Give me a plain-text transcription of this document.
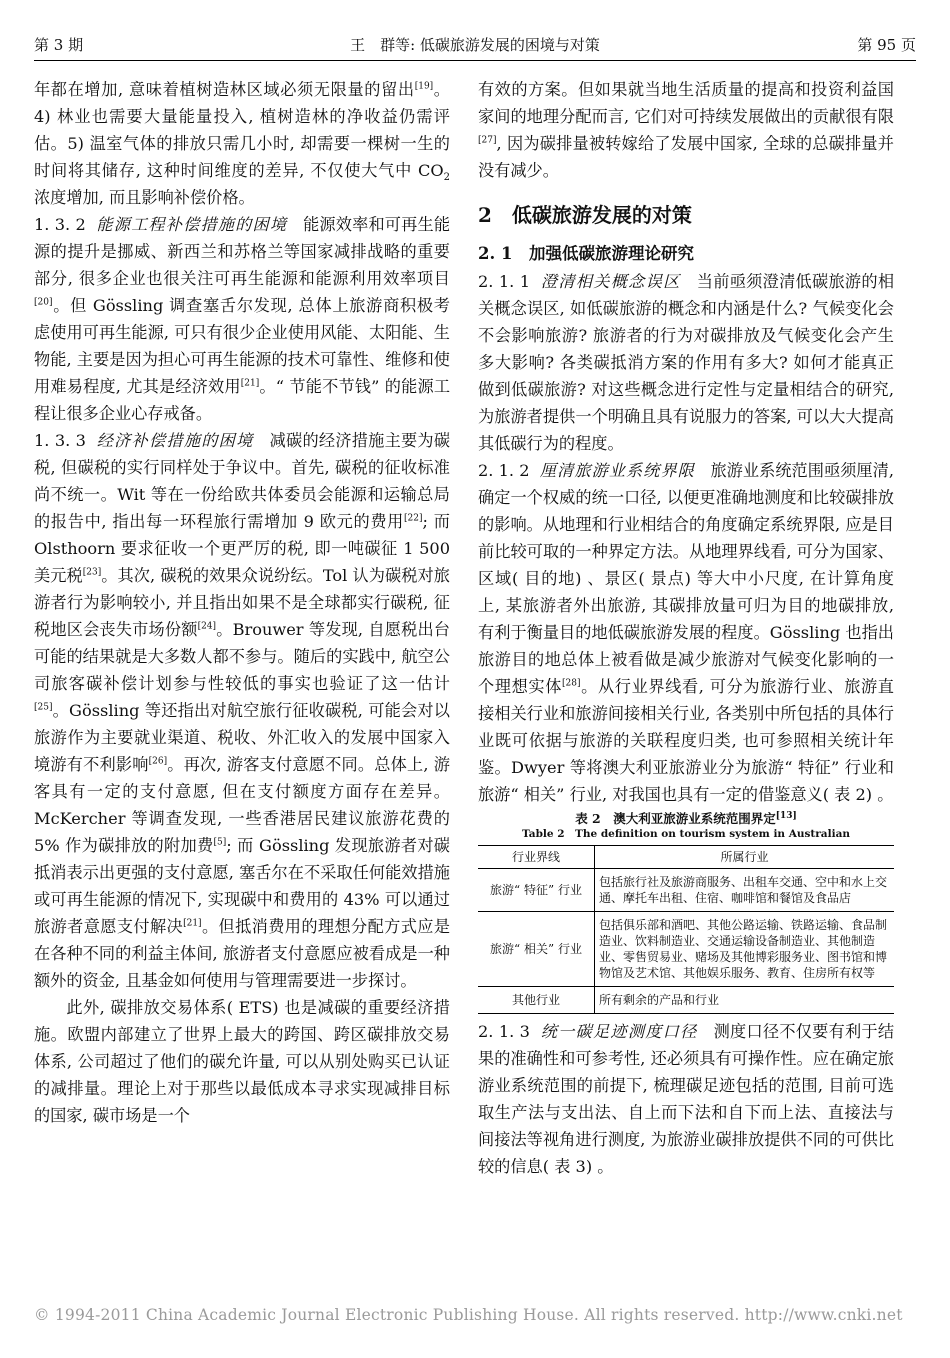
第 3 期	王　群等: 低碳旅游发展的困境与对策	第 95 页

年都在增加, 意味着植树造林区域必须无限量的留出[19]。4) 林业也需要大量能量投入, 植树造林的净收益仍需评估。5) 温室气体的排放只需几小时, 却需要一棵树一生的时间将其储存, 这种时间维度的差异, 不仅使大气中 $CO_2$ 浓度增加, 而且影响补偿价格。

1. 3. 2 能源工程补偿措施的困境 能源效率和可再生能源的提升是挪威、新西兰和苏格兰等国家减排战略的重要部分, 很多企业也很关注可再生能源和能源利用效率项目[20]。但 Gössling 调查塞舌尔发现, 总体上旅游商积极考虑使用可再生能源, 可只有很少企业使用风能、太阳能、生物能, 主要是因为担心可再生能源的技术可靠性、维修和使用难易程度, 尤其是经济效用[21]。“ 节能不节钱” 的能源工程让很多企业心存戒备。

1. 3. 3 经济补偿措施的困境 减碳的经济措施主要为碳税, 但碳税的实行同样处于争议中。首先, 碳税的征收标准尚不统一。Wit 等在一份给欧共体委员会能源和运输总局的报告中, 指出每一环程旅行需增加 9 欧元的费用[22]; 而 Olsthoorn 要求征收一个更严厉的税, 即一吨碳征 1 500 美元税[23]。其次, 碳税的效果众说纷纭。Tol 认为碳税对旅游者行为影响较小, 并且指出如果不是全球都实行碳税, 征税地区会丧失市场份额[24]。Brouwer 等发现, 自愿税出台可能的结果就是大多数人都不参与。随后的实践中, 航空公司旅客碳补偿计划参与性较低的事实也验证了这一估计[25]。Gössling 等还指出对航空旅行征收碳税, 可能会对以旅游作为主要就业渠道、税收、外汇收入的发展中国家入境游有不利影响[26]。再次, 游客支付意愿不同。总体上, 游客具有一定的支付意愿, 但在支付额度方面存在差异。McKercher 等调查发现, 一些香港居民建议旅游花费的 5% 作为碳排放的附加费[5]; 而 Gössling 发现旅游者对碳抵消表示出更强的支付意愿, 塞舌尔在不采取任何能效措施或可再生能源的情况下, 实现碳中和费用的 43% 可以通过旅游者意愿支付解决[21]。但抵消费用的理想分配方式应是在各种不同的利益主体间, 旅游者支付意愿应被看成是一种额外的资金, 且基金如何使用与管理需要进一步探讨。

此外, 碳排放交易体系( ETS) 也是减碳的重要经济措施。欧盟内部建立了世界上最大的跨国、跨区碳排放交易体系, 公司超过了他们的碳允许量, 可以从别处购买已认证的减排量。理论上对于那些以最低成本寻求实现减排目标的国家, 碳市场是一个

有效的方案。但如果就当地生活质量的提高和投资利益国家间的地理分配而言, 它们对可持续发展做出的贡献很有限[27], 因为碳排量被转嫁给了发展中国家, 全球的总碳排量并没有减少。

2　低碳旅游发展的对策
2. 1　加强低碳旅游理论研究

2. 1. 1 澄清相关概念误区 当前亟须澄清低碳旅游的相关概念误区, 如低碳旅游的概念和内涵是什么? 气候变化会不会影响旅游? 旅游者的行为对碳排放及气候变化会产生多大影响? 各类碳抵消方案的作用有多大? 如何才能真正做到低碳旅游? 对这些概念进行定性与定量相结合的研究, 为旅游者提供一个明确且具有说服力的答案, 可以大大提高其低碳行为的程度。

2. 1. 2 厘清旅游业系统界限 旅游业系统范围亟须厘清, 确定一个权威的统一口径, 以便更准确地测度和比较碳排放的影响。从地理和行业相结合的角度确定系统界限, 应是目前比较可取的一种界定方法。从地理界线看, 可分为国家、区域( 目的地) 、景区( 景点) 等大中小尺度, 在计算角度上, 某旅游者外出旅游, 其碳排放量可归为目的地碳排放, 有利于衡量目的地低碳旅游发展的程度。Gössling 也指出旅游目的地总体上被看做是减少旅游对气候变化影响的一个理想实体[28]。从行业界线看, 可分为旅游行业、旅游直接相关行业和旅游间接相关行业, 各类别中所包括的具体行业既可依据与旅游的关联程度归类, 也可参照相关统计年鉴。Dwyer 等将澳大利亚旅游业分为旅游“ 特征” 行业和旅游“ 相关” 行业, 对我国也具有一定的借鉴意义( 表 2) 。

表 2　澳大利亚旅游业系统范围界定[13]
Table 2　The definition on tourism system in Australian
行业界线	所属行业
旅游“ 特征” 行业	包括旅行社及旅游商服务、出租车交通、空中和水上交通、摩托车出租、住宿、咖啡馆和餐馆及食品店
旅游“ 相关” 行业	包括俱乐部和酒吧、其他公路运输、铁路运输、食品制造业、饮料制造业、交通运输设备制造业、其他制造业、零售贸易业、赌场及其他博彩服务业、图书馆和博物馆及艺术馆、其他娱乐服务、教育、住房所有权等
其他行业	所有剩余的产品和行业

2. 1. 3 统一碳足迹测度口径 测度口径不仅要有利于结果的准确性和可参考性, 还必须具有可操作性。应在确定旅游业系统范围的前提下, 梳理碳足迹包括的范围, 目前可选取生产法与支出法、自上而下法和自下而上法、直接法与间接法等视角进行测度, 为旅游业碳排放提供不同的可供比较的信息( 表 3) 。

© 1994-2011 China Academic Journal Electronic Publishing House. All rights reserved. http://www.cnki.net
